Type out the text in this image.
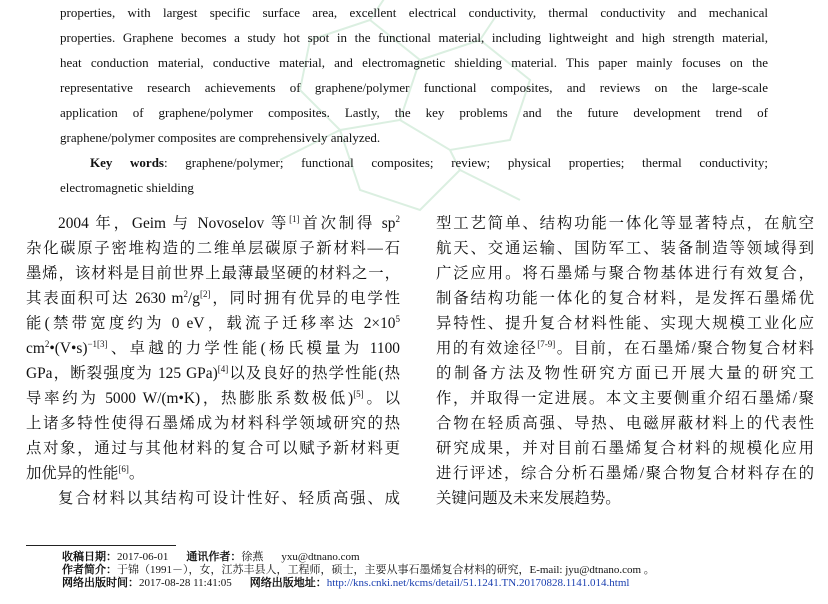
properties, with largest specific surface area, excellent electrical conductivity, thermal conductivity and mechanical
properties. Graphene becomes a study hot spot in the functional material, including lightweight and high strength material,
heat conduction material, conductive material, and electromagnetic shielding material. This paper mainly focuses on the
representative research achievements of graphene/polymer functional composites, and reviews on the large-scale
application of graphene/polymer composites. Lastly, the key problems and the future development trend of
graphene/polymer composites are comprehensively analyzed.
Key words: graphene/polymer; functional composites; review; physical properties; thermal conductivity;
electromagnetic shielding
2004 年，Geim 与 Novoselov 等[1]首次制得 $sp^2$
杂化碳原子密堆构造的二维单层碳原子新材料—石
墨烯，该材料是目前世界上最薄最坚硬的材料之一，
其表面积可达 2630 $m^2/g[2]$，同时拥有优异的电学性
能(禁带宽度约为 0 eV，载流子迁移率达 $2\times 10^5$
$cm^2•(V•s)^{-1[3]}$、卓越的力学性能(杨氏模量为 1100
GPa，断裂强度为 125 GPa)[4]以及良好的热学性能(热
导率约为 5000 W/(m•K)，热膨胀系数极低)[5]。以
上诸多特性使得石墨烯成为材料科学领域研究的热
点对象，通过与其他材料的复合可以赋予新材料更
加优异的性能[6]。
复合材料以其结构可设计性好、轻质高强、成
型工艺简单、结构功能一体化等显著特点，在航空
航天、交通运输、国防军工、装备制造等领域得到
广泛应用。将石墨烯与聚合物基体进行有效复合，
制备结构功能一体化的复合材料，是发挥石墨烯优
异特性、提升复合材料性能、实现大规模工业化应
用的有效途径[7-9]。目前，在石墨烯/聚合物复合材料
的制备方法及物性研究方面已开展大量的研究工
作，并取得一定进展。本文主要侧重介绍石墨烯/聚
合物在轻质高强、导热、电磁屏蔽材料上的代表性
研究成果，并对目前石墨烯复合材料的规模化应用
进行评述，综合分析石墨烯/聚合物复合材料存在的
关键问题及未来发展趋势。
收稿日期：2017-06-01 通讯作者：徐燕 yxu@dtnano.com
作者简介：于锦（1991－），女，江苏丰县人，工程师，硕士，主要从事石墨烯复合材料的研究，E-mail: jyu@dtnano.com 。
网络出版时间：2017-08-28 11:41:05 网络出版地址：http://kns.cnki.net/kcms/detail/51.1241.TN.20170828.1141.014.html
